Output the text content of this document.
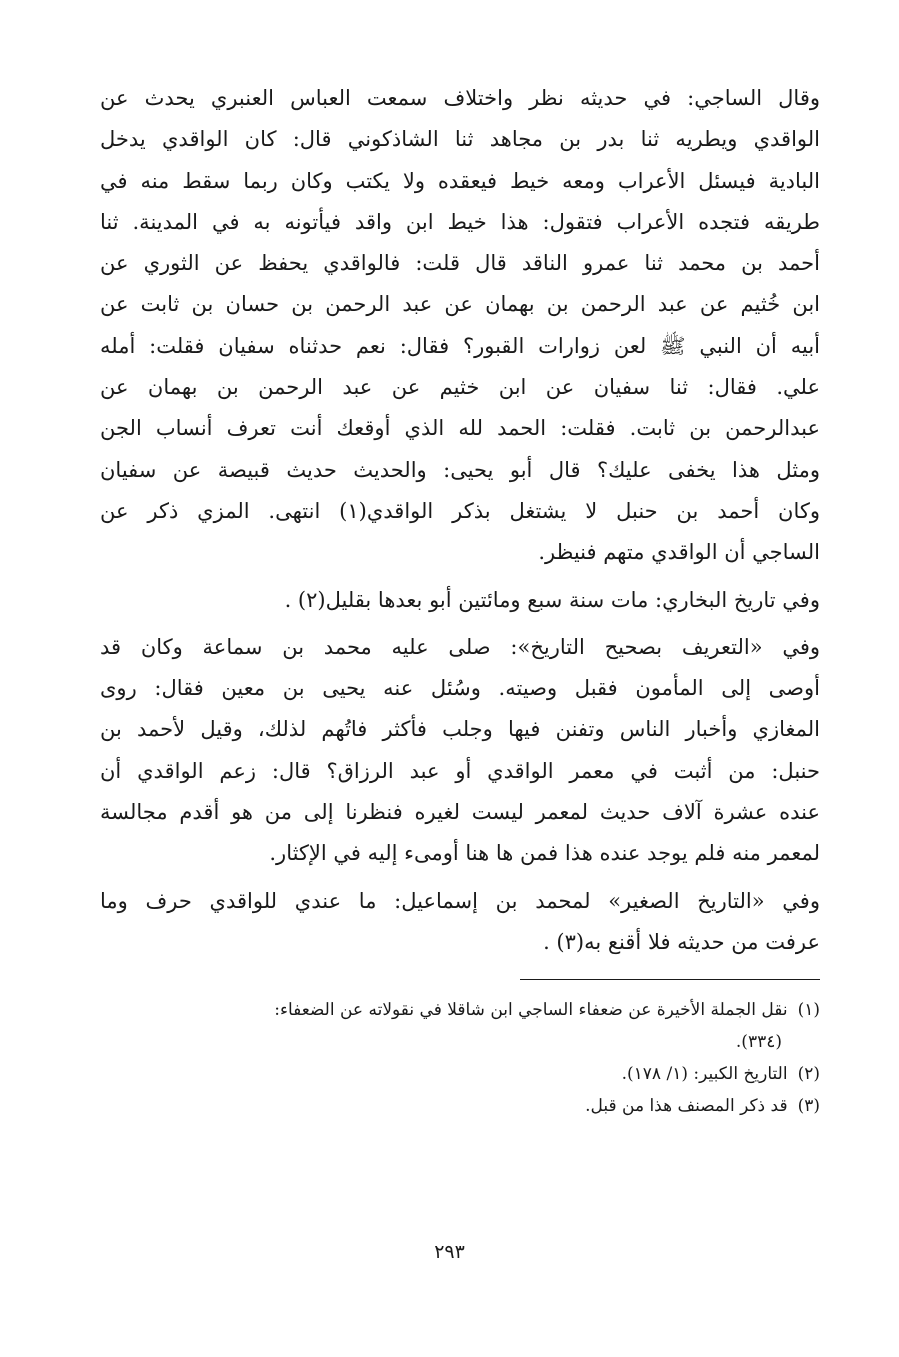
وقال الساجي: في حديثه نظر واختلاف سمعت العباس العنبري يحدث عن
الواقدي ويطريه ثنا بدر بن مجاهد ثنا الشاذكوني قال: كان الواقدي يدخل
البادية فيسئل الأعراب ومعه خيط فيعقده ولا يكتب وكان ربما سقط منه في
طريقه فتجده الأعراب فتقول: هذا خيط ابن واقد فيأتونه به في المدينة. ثنا
أحمد بن محمد ثنا عمرو الناقد قال قلت: فالواقدي يحفظ عن الثوري عن
ابن خُثيم عن عبد الرحمن بن بهمان عن عبد الرحمن بن حسان بن ثابت عن
أبيه أن النبي ﷺ لعن زوارات القبور؟ فقال: نعم حدثناه سفيان فقلت: أمله
علي. فقال: ثنا سفيان عن ابن خثيم عن عبد الرحمن بن بهمان عن
عبدالرحمن بن ثابت. فقلت: الحمد لله الذي أوقعك أنت تعرف أنساب الجن
ومثل هذا يخفى عليك؟ قال أبو يحيى: والحديث حديث قبيصة عن سفيان
وكان أحمد بن حنبل لا يشتغل بذكر الواقدي(١) انتهى. المزي ذكر عن
الساجي أن الواقدي متهم فنيظر.
وفي تاريخ البخاري: مات سنة سبع ومائتين أبو بعدها بقليل(٢) .
وفي «التعريف بصحيح التاريخ»: صلى عليه محمد بن سماعة وكان قد
أوصى إلى المأمون فقبل وصيته. وسُئل عنه يحيى بن معين فقال: روى
المغازي وأخبار الناس وتفنن فيها وجلب فأكثر فاتُهم لذلك، وقيل لأحمد بن
حنبل: من أثبت في معمر الواقدي أو عبد الرزاق؟ قال: زعم الواقدي أن
عنده عشرة آلاف حديث لمعمر ليست لغيره فنظرنا إلى من هو أقدم مجالسة
لمعمر منه فلم يوجد عنده هذا فمن ها هنا أومىء إليه في الإكثار.
وفي «التاريخ الصغير» لمحمد بن إسماعيل: ما عندي للواقدي حرف وما
عرفت من حديثه فلا أقنع به(٣) .
(١)
نقل الجملة الأخيرة عن ضعفاء الساجي ابن شاقلا في نقولاته عن الضعفاء:
(٣٣٤).
(٢)
التاريخ الكبير: (١/ ١٧٨).
(٣)
قد ذكر المصنف هذا من قبل.
٢٩٣
